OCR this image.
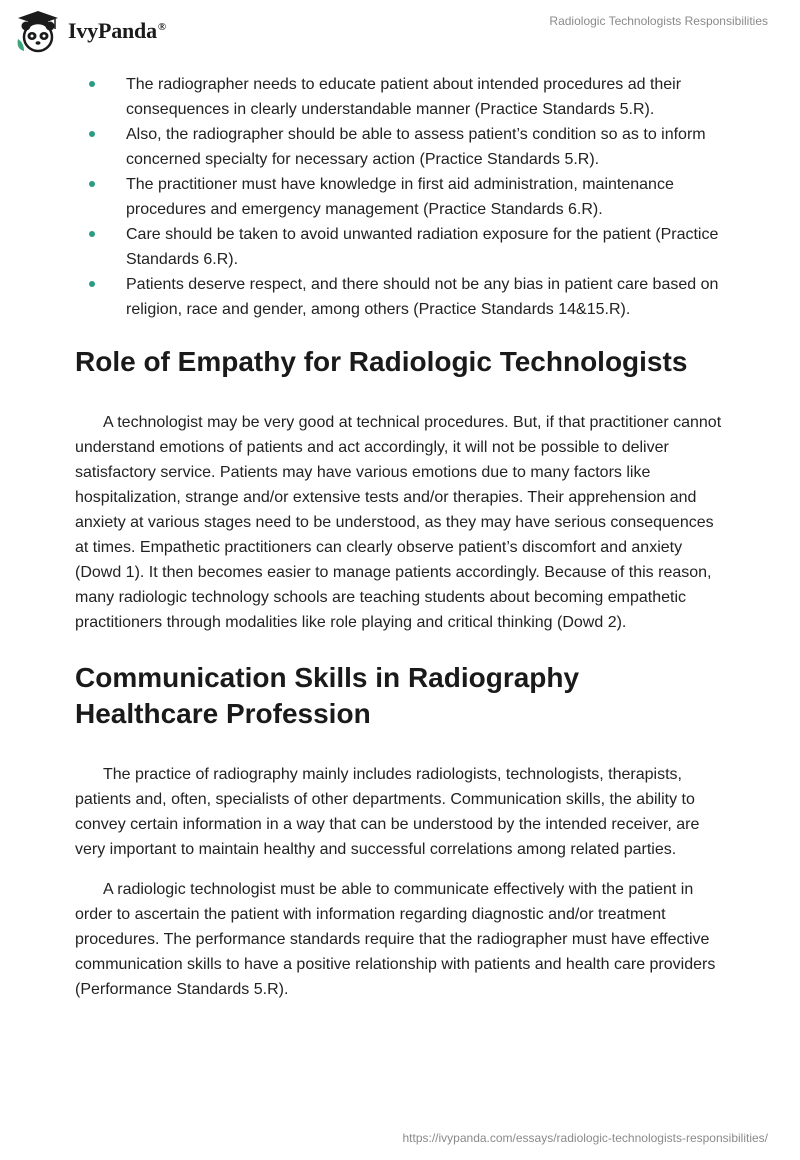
IvyPanda®	Radiologic Technologists Responsibilities
The radiographer needs to educate patient about intended procedures ad their consequences in clearly understandable manner (Practice Standards 5.R).
Also, the radiographer should be able to assess patient’s condition so as to inform concerned specialty for necessary action (Practice Standards 5.R).
The practitioner must have knowledge in first aid administration, maintenance procedures and emergency management (Practice Standards 6.R).
Care should be taken to avoid unwanted radiation exposure for the patient (Practice Standards 6.R).
Patients deserve respect, and there should not be any bias in patient care based on religion, race and gender, among others (Practice Standards 14&15.R).
Role of Empathy for Radiologic Technologists

A technologist may be very good at technical procedures. But, if that practitioner cannot understand emotions of patients and act accordingly, it will not be possible to deliver satisfactory service. Patients may have various emotions due to many factors like hospitalization, strange and/or extensive tests and/or therapies. Their apprehension and anxiety at various stages need to be understood, as they may have serious consequences at times. Empathetic practitioners can clearly observe patient’s discomfort and anxiety (Dowd 1). It then becomes easier to manage patients accordingly. Because of this reason, many radiologic technology schools are teaching students about becoming empathetic practitioners through modalities like role playing and critical thinking (Dowd 2).

Communication Skills in Radiography Healthcare Profession

The practice of radiography mainly includes radiologists, technologists, therapists, patients and, often, specialists of other departments. Communication skills, the ability to convey certain information in a way that can be understood by the intended receiver, are very important to maintain healthy and successful correlations among related parties.

A radiologic technologist must be able to communicate effectively with the patient in order to ascertain the patient with information regarding diagnostic and/or treatment procedures. The performance standards require that the radiographer must have effective communication skills to have a positive relationship with patients and health care providers (Performance Standards 5.R).

https://ivypanda.com/essays/radiologic-technologists-responsibilities/
